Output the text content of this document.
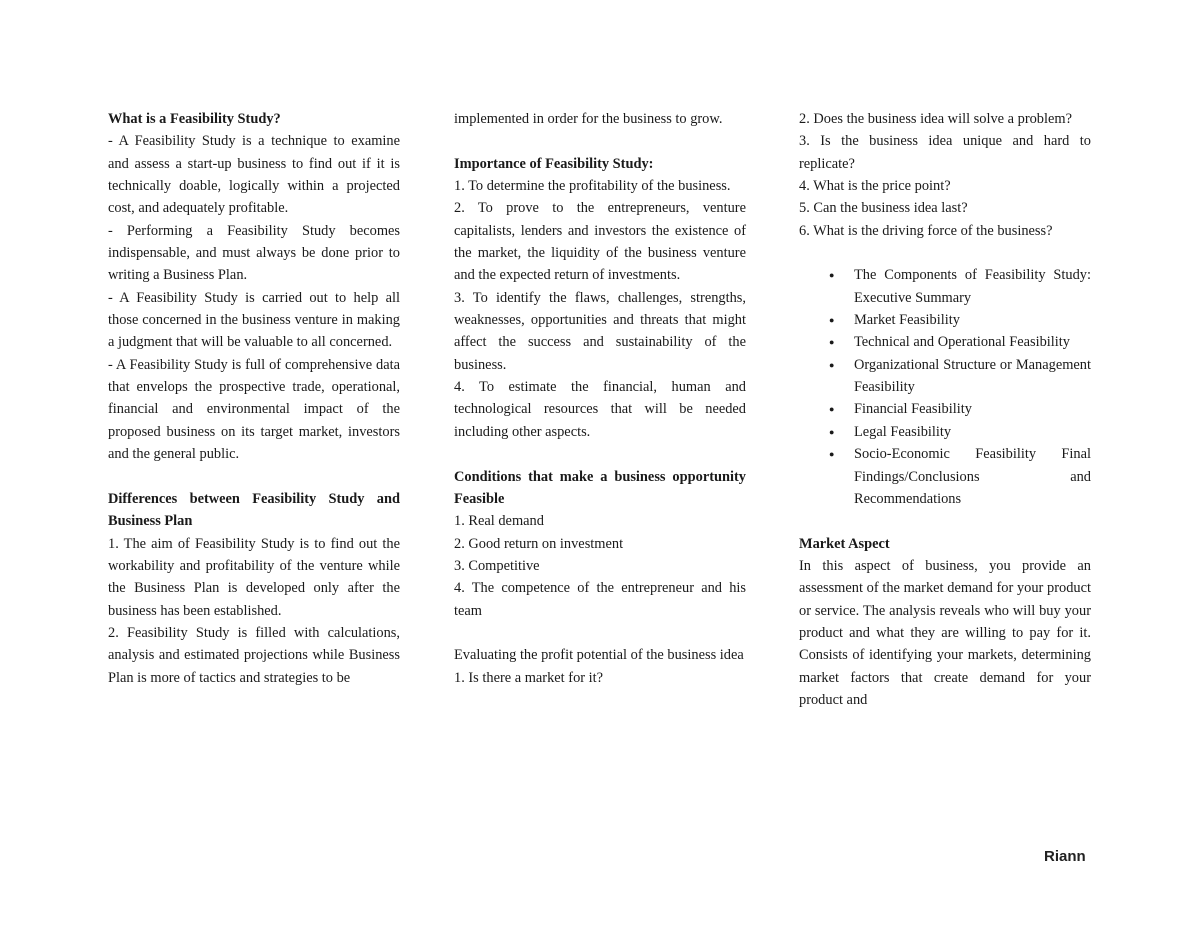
What is a Feasibility Study?

- A Feasibility Study is a technique to examine and assess a start-up business to find out if it is technically doable, logically within a projected cost, and adequately profitable.

- Performing a Feasibility Study becomes indispensable, and must always be done prior to writing a Business Plan.

- A Feasibility Study is carried out to help all those concerned in the business venture in making a judgment that will be valuable to all concerned.

- A Feasibility Study is full of comprehensive data that envelops the prospective trade, operational, financial and environmental impact of the proposed business on its target market, investors and the general public.

Differences between Feasibility Study and Business Plan

1. The aim of Feasibility Study is to find out the workability and profitability of the venture while the Business Plan is developed only after the business has been established.

2. Feasibility Study is filled with calculations, analysis and estimated projections while Business Plan is more of tactics and strategies to be

implemented in order for the business to grow.

Importance of Feasibility Study:

1. To determine the profitability of the business.

2. To prove to the entrepreneurs, venture capitalists, lenders and investors the existence of the market, the liquidity of the business venture and the expected return of investments.

3. To identify the flaws, challenges, strengths, weaknesses, opportunities and threats that might affect the success and sustainability of the business.

4. To estimate the financial, human and technological resources that will be needed including other aspects.

Conditions that make a business opportunity Feasible

1. Real demand

2. Good return on investment

3. Competitive

4. The competence of the entrepreneur and his team

Evaluating the profit potential of the business idea

1. Is there a market for it?

2. Does the business idea will solve a problem?

3. Is the business idea unique and hard to replicate?

4. What is the price point?

5. Can the business idea last?

6. What is the driving force of the business?

● The Components of Feasibility Study: Executive Summary
● Market Feasibility
● Technical and Operational Feasibility
● Organizational Structure or Management Feasibility
● Financial Feasibility
● Legal Feasibility
● Socio-Economic Feasibility Final Findings/Conclusions and Recommendations

Market Aspect

In this aspect of business, you provide an assessment of the market demand for your product or service. The analysis reveals who will buy your product and what they are willing to pay for it. Consists of identifying your markets, determining market factors that create demand for your product and

Riann
